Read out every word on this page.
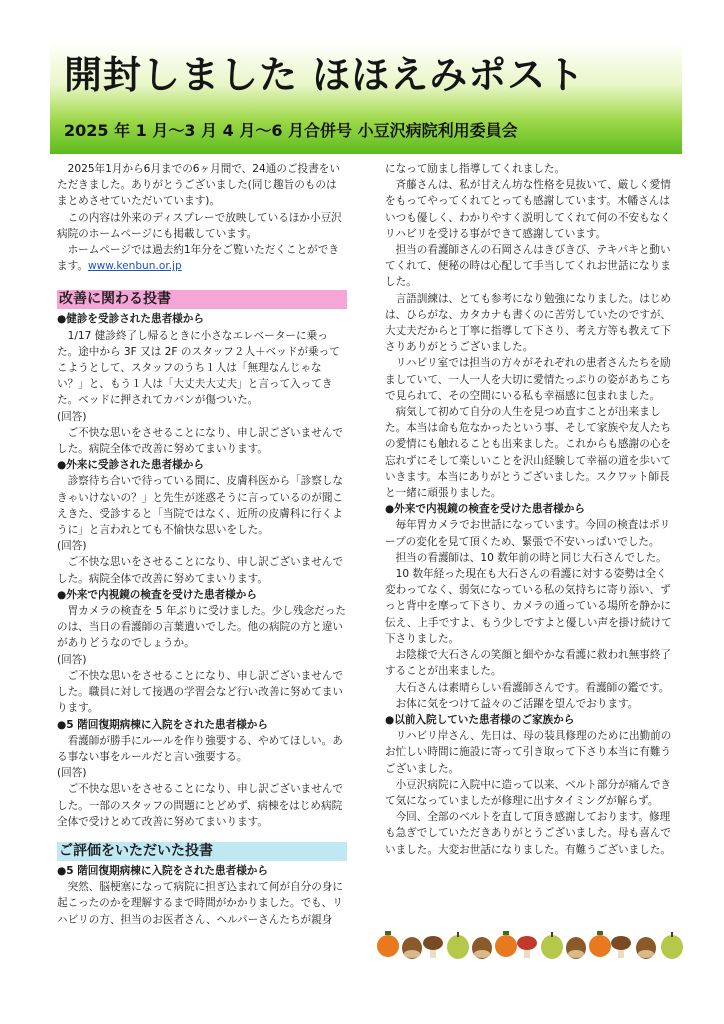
開封しました ほほえみポスト
2025 年 1 月～3 月 4 月～6 月合併号 小豆沢病院利用委員会

2025年1月から6月までの6ヶ月間で、24通のご投書をいただきました。ありがとうございました(同じ趣旨のものはまとめさせていただいています)。

この内容は外来のディスプレーで放映しているほか小豆沢病院のホームページにも掲載しています。

ホームページでは過去約1年分をご覧いただくことができます。www.kenbun.or.jp

改善に関わる投書

●健診を受診された患者様から

1/17 健診終了し帰るときに小さなエレベーターに乗った。途中から 3F 又は 2F のスタッフ２人＋ベッドが乗ってこようとして、スタッフのうち１人は「無理なんじゃない？」と、もう１人は「大丈夫大丈夫」と言って入ってきた。ベッドに押されてカバンが傷ついた。

(回答)

ご不快な思いをさせることになり、申し訳ございませんでした。病院全体で改善に努めてまいります。

●外来に受診された患者様から

診察待ち合いで待っている間に、皮膚科医から「診察しなきゃいけないの？」と先生が迷惑そうに言っているのが聞こえきた、受診すると「当院ではなく、近所の皮膚科に行くように」と言われとても不愉快な思いをした。

(回答)

ご不快な思いをさせることになり、申し訳ございませんでした。病院全体で改善に努めてまいります。

●外来で内視鏡の検査を受けた患者様から

胃カメラの検査を 5 年ぶりに受けました。少し残念だったのは、当日の看護師の言葉遣いでした。他の病院の方と違いがありどうなのでしょうか。

(回答)

ご不快な思いをさせることになり、申し訳ございませんでした。職員に対して接遇の学習会など行い改善に努めてまいります。

●5 階回復期病棟に入院をされた患者様から

看護師が勝手にルールを作り強要する、やめてほしい。ある事ない事をルールだと言い強要する。

(回答)

ご不快な思いをさせることになり、申し訳ございませんでした。一部のスタッフの問題にとどめず、病棟をはじめ病院全体で受けとめて改善に努めてまいります。

ご評価をいただいた投書

●5 階回復期病棟に入院をされた患者様から

突然、脳梗塞になって病院に担ぎ込まれて何が自分の身に起こったのかを理解するまで時間がかかりました。でも、リハビリの方、担当のお医者さん、ヘルパーさんたちが親身

になって励まし指導してくれました。

斉藤さんは、私が甘えん坊な性格を見抜いて、厳しく愛情をもってやってくれてとっても感謝しています。木幡さんはいつも優しく、わかりやすく説明してくれて何の不安もなくリハビリを受ける事ができて感謝しています。

担当の看護師さんの石岡さんはきびきび、テキパキと動いてくれて、便秘の時は心配して手当してくれお世話になりました。

言語訓練は、とても参考になり勉強になりました。はじめは、ひらがな、カタカナも書くのに苦労していたのですが、大丈夫だからと丁寧に指導して下さり、考え方等も教えて下さりありがとうございました。

リハビリ室では担当の方々がそれぞれの患者さんたちを励ましていて、一人一人を大切に愛情たっぷりの姿があちこちで見られて、その空間にいる私も幸福感に包まれました。

病気して初めて自分の人生を見つめ直すことが出来ました。本当は命も危なかったという事、そして家族や友人たちの愛情にも触れることも出来ました。これからも感謝の心を忘れずにそして楽しいことを沢山経験して幸福の道を歩いていきます。本当にありがとうございました。スクワット師長と一緒に頑張りました。

●外来で内視鏡の検査を受けた患者様から

毎年胃カメラでお世話になっています。今回の検査はポリープの変化を見て頂くため、緊張で不安いっぱいでした。

担当の看護師は、10 数年前の時と同じ大石さんでした。

10 数年経った現在も大石さんの看護に対する姿勢は全く変わってなく、弱気になっている私の気持ちに寄り添い、ずっと背中を摩って下さり、カメラの通っている場所を静かに伝え、上手ですよ、もう少しですよと優しい声を掛け続けて下さりました。

お陰様で大石さんの笑顔と細やかな看護に救われ無事終了することが出来ました。

大石さんは素晴らしい看護師さんです。看護師の鑑です。

お体に気をつけて益々のご活躍を望んでおります。

●以前入院していた患者様のご家族から

リハビリ岸さん、先日は、母の装具修理のために出勤前のお忙しい時間に施設に寄って引き取って下さり本当に有難うございました。

小豆沢病院に入院中に造って以来、ベルト部分が痛んできて気になっていましたが修理に出すタイミングが解らず。

今回、全部のベルトを直して頂き感謝しております。修理も急ぎでしていただきありがとうございました。母も喜んでいました。大変お世話になりました。有難うございました。
